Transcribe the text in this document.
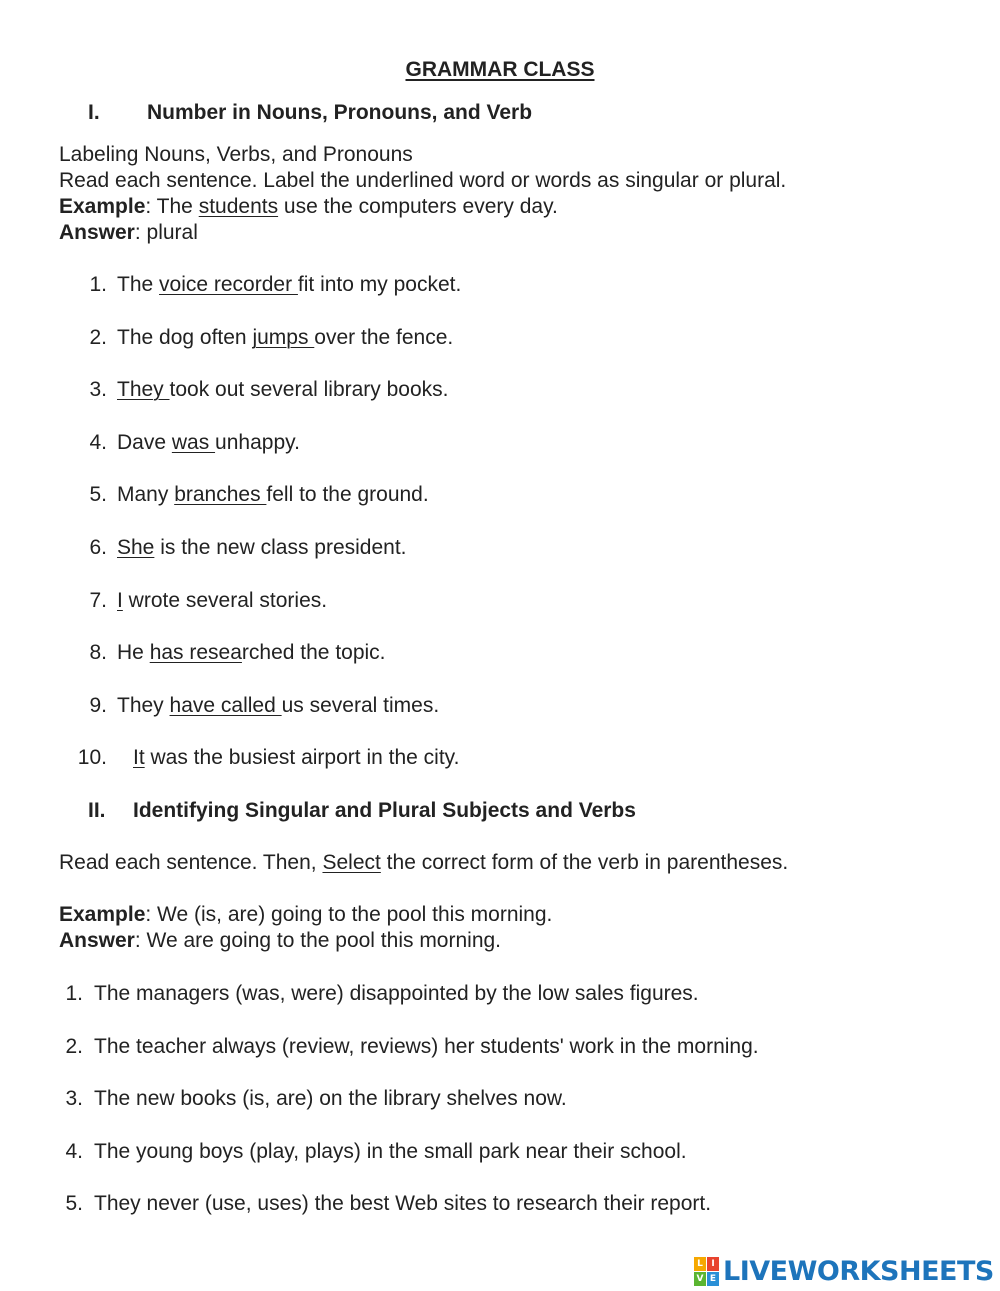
GRAMMAR CLASS
I. Number in Nouns, Pronouns, and Verb
Labeling Nouns, Verbs, and Pronouns
Read each sentence. Label the underlined word or words as singular or plural.
Example: The students use the computers every day.
Answer: plural
1. The voice recorder fit into my pocket.
2. The dog often jumps over the fence.
3. They took out several library books.
4. Dave was unhappy.
5. Many branches fell to the ground.
6. She is the new class president.
7. I wrote several stories.
8. He has researched the topic.
9. They have called us several times.
10. It was the busiest airport in the city.
II. Identifying Singular and Plural Subjects and Verbs
Read each sentence. Then, Select the correct form of the verb in parentheses.
Example: We (is, are) going to the pool this morning.
Answer: We are going to the pool this morning.
1. The managers (was, were) disappointed by the low sales figures.
2. The teacher always (review, reviews) her students' work in the morning.
3. The new books (is, are) on the library shelves now.
4. The young boys (play, plays) in the small park near their school.
5. They never (use, uses) the best Web sites to research their report.
L I
V E LIVEWORKSHEETS
